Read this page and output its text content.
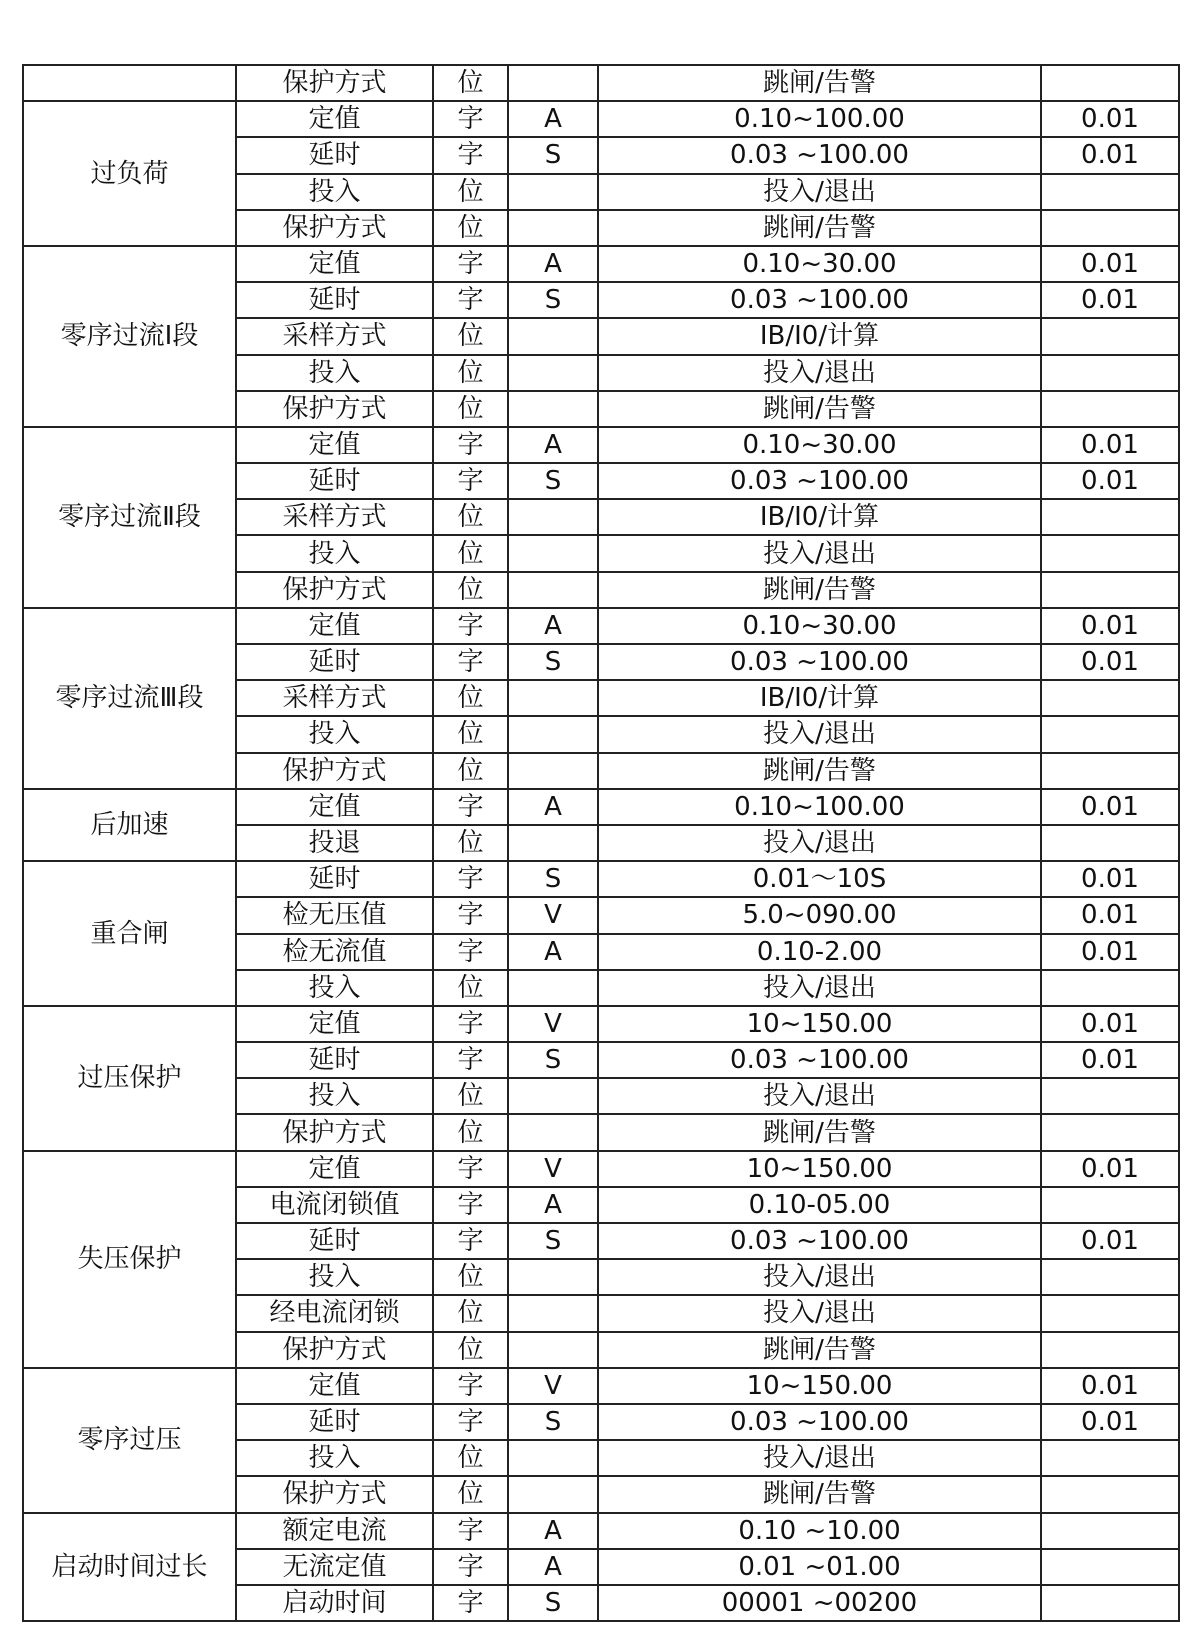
	保护方式	位		跳闸/告警	
过负荷	定值	字	A	0.10~100.00	0.01
	延时	字	S	0.03 ~100.00	0.01
	投入	位		投入/退出	
	保护方式	位		跳闸/告警	
零序过流Ⅰ段	定值	字	A	0.10~30.00	0.01
	延时	字	S	0.03 ~100.00	0.01
	采样方式	位		IB/I0/计算	
	投入	位		投入/退出	
	保护方式	位		跳闸/告警	
零序过流Ⅱ段	定值	字	A	0.10~30.00	0.01
	延时	字	S	0.03 ~100.00	0.01
	采样方式	位		IB/I0/计算	
	投入	位		投入/退出	
	保护方式	位		跳闸/告警	
零序过流Ⅲ段	定值	字	A	0.10~30.00	0.01
	延时	字	S	0.03 ~100.00	0.01
	采样方式	位		IB/I0/计算	
	投入	位		投入/退出	
	保护方式	位		跳闸/告警	
后加速	定值	字	A	0.10~100.00	0.01
	投退	位		投入/退出	
重合闸	延时	字	S	0.01～10S	0.01
	检无压值	字	V	5.0~090.00	0.01
	检无流值	字	A	0.10-2.00	0.01
	投入	位		投入/退出	
过压保护	定值	字	V	10~150.00	0.01
	延时	字	S	0.03 ~100.00	0.01
	投入	位		投入/退出	
	保护方式	位		跳闸/告警	
失压保护	定值	字	V	10~150.00	0.01
	电流闭锁值	字	A	0.10-05.00	
	延时	字	S	0.03 ~100.00	0.01
	投入	位		投入/退出	
	经电流闭锁	位		投入/退出	
	保护方式	位		跳闸/告警	
零序过压	定值	字	V	10~150.00	0.01
	延时	字	S	0.03 ~100.00	0.01
	投入	位		投入/退出	
	保护方式	位		跳闸/告警	
启动时间过长	额定电流	字	A	0.10 ~10.00	
	无流定值	字	A	0.01 ~01.00	
	启动时间	字	S	00001 ~00200	
